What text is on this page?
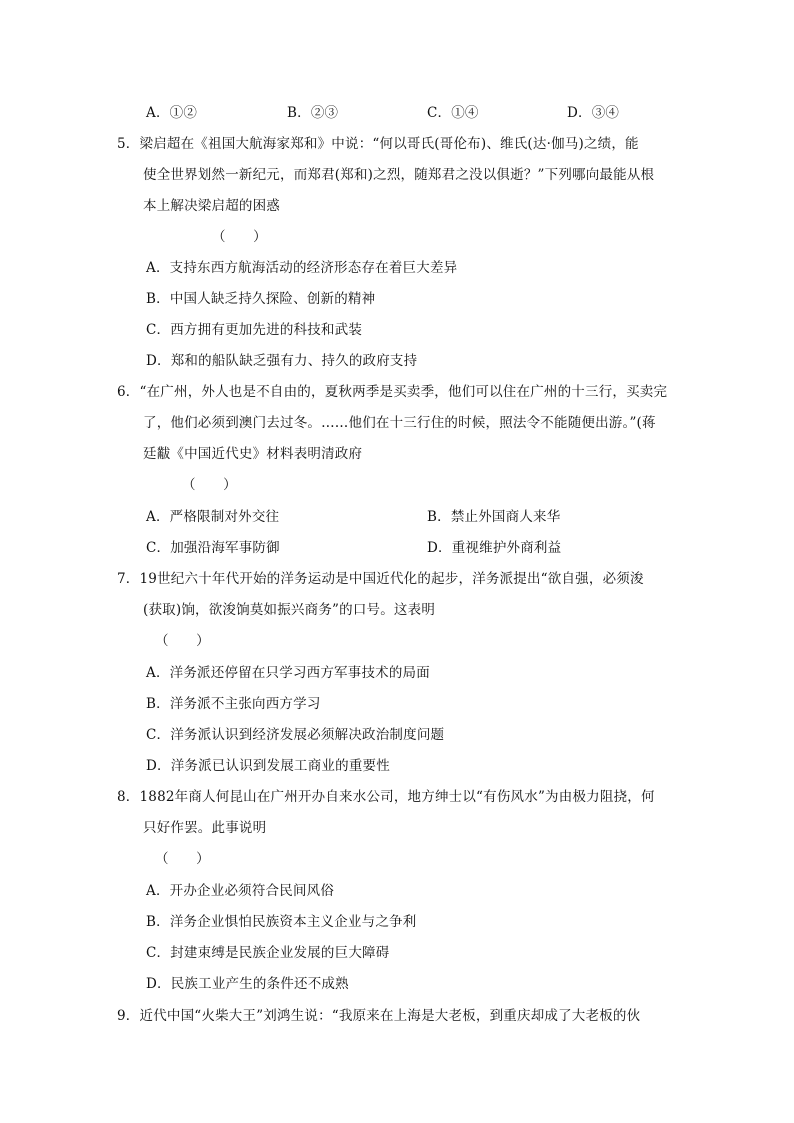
A．①②	B．②③	C．①④	D．③④
5．梁启超在《祖国大航海家郑和》中说：“何以哥氏(哥伦布)、维氏(达·伽马)之绩，能
使全世界划然一新纪元，而郑君(郑和)之烈，随郑君之没以俱逝？”下列哪向最能从根
本上解决梁启超的困惑
（　　）
A．支持东西方航海活动的经济形态存在着巨大差异
B．中国人缺乏持久探险、创新的精神
C．西方拥有更加先进的科技和武装
D．郑和的船队缺乏强有力、持久的政府支持
6．“在广州，外人也是不自由的，夏秋两季是买卖季，他们可以住在广州的十三行，买卖完
了，他们必须到澳门去过冬。……他们在十三行住的时候，照法令不能随便出游。”(蒋
廷黻《中国近代史》材料表明清政府
（　　）
A．严格限制对外交往	B．禁止外国商人来华
C．加强沿海军事防御	D．重视维护外商利益
7．19世纪六十年代开始的洋务运动是中国近代化的起步，洋务派提出“欲自强，必须浚
(获取)饷，欲浚饷莫如振兴商务”的口号。这表明
（　　）
A．洋务派还停留在只学习西方军事技术的局面
B．洋务派不主张向西方学习
C．洋务派认识到经济发展必须解决政治制度问题
D．洋务派已认识到发展工商业的重要性
8．1882年商人何昆山在广州开办自来水公司，地方绅士以“有伤风水”为由极力阻挠，何
只好作罢。此事说明
（　　）
A．开办企业必须符合民间风俗
B．洋务企业惧怕民族资本主义企业与之争利
C．封建束缚是民族企业发展的巨大障碍
D．民族工业产生的条件还不成熟
9．近代中国“火柴大王”刘鸿生说：“我原来在上海是大老板，到重庆却成了大老板的伙
